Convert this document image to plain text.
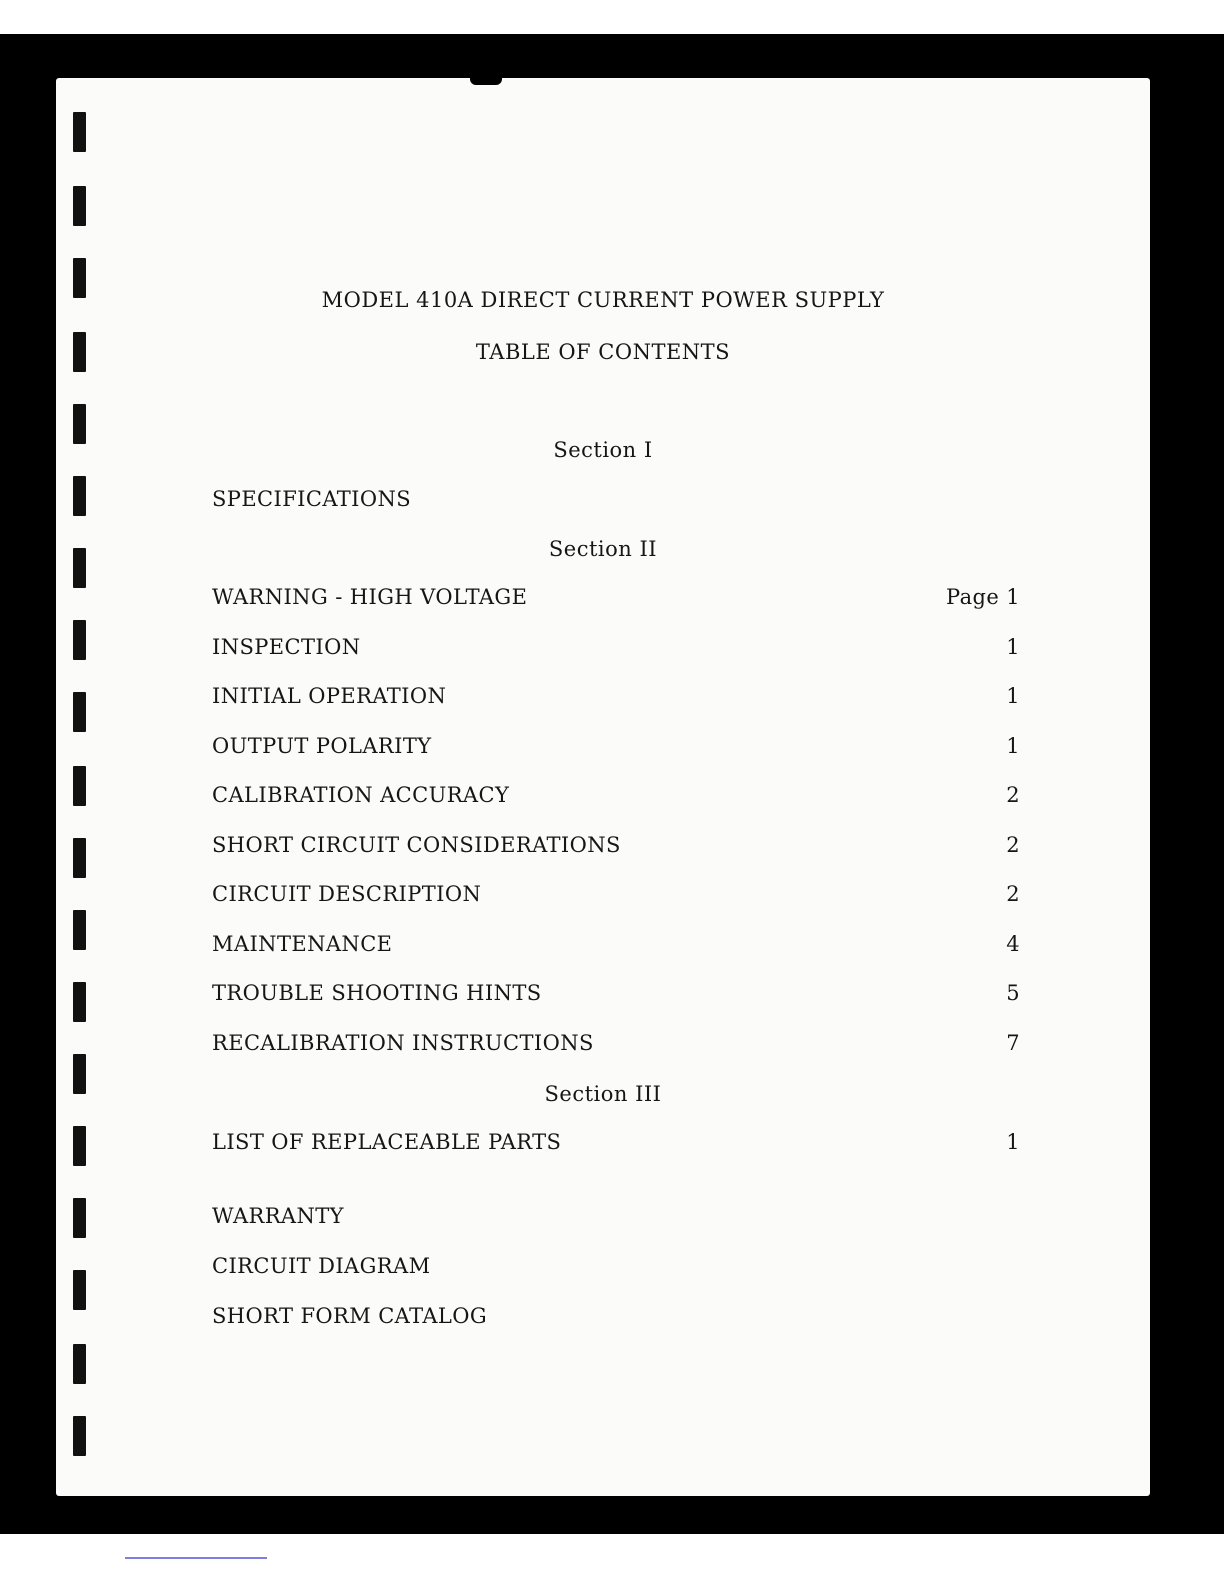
MODEL 410A DIRECT CURRENT POWER SUPPLY
TABLE OF CONTENTS
Section I
SPECIFICATIONS
Section II
WARNING - HIGH VOLTAGE	Page 1
INSPECTION	1
INITIAL OPERATION	1
OUTPUT POLARITY	1
CALIBRATION ACCURACY	2
SHORT CIRCUIT CONSIDERATIONS	2
CIRCUIT DESCRIPTION	2
MAINTENANCE	4
TROUBLE SHOOTING HINTS	5
RECALIBRATION INSTRUCTIONS	7
Section III
LIST OF REPLACEABLE PARTS	1
WARRANTY
CIRCUIT DIAGRAM
SHORT FORM CATALOG
